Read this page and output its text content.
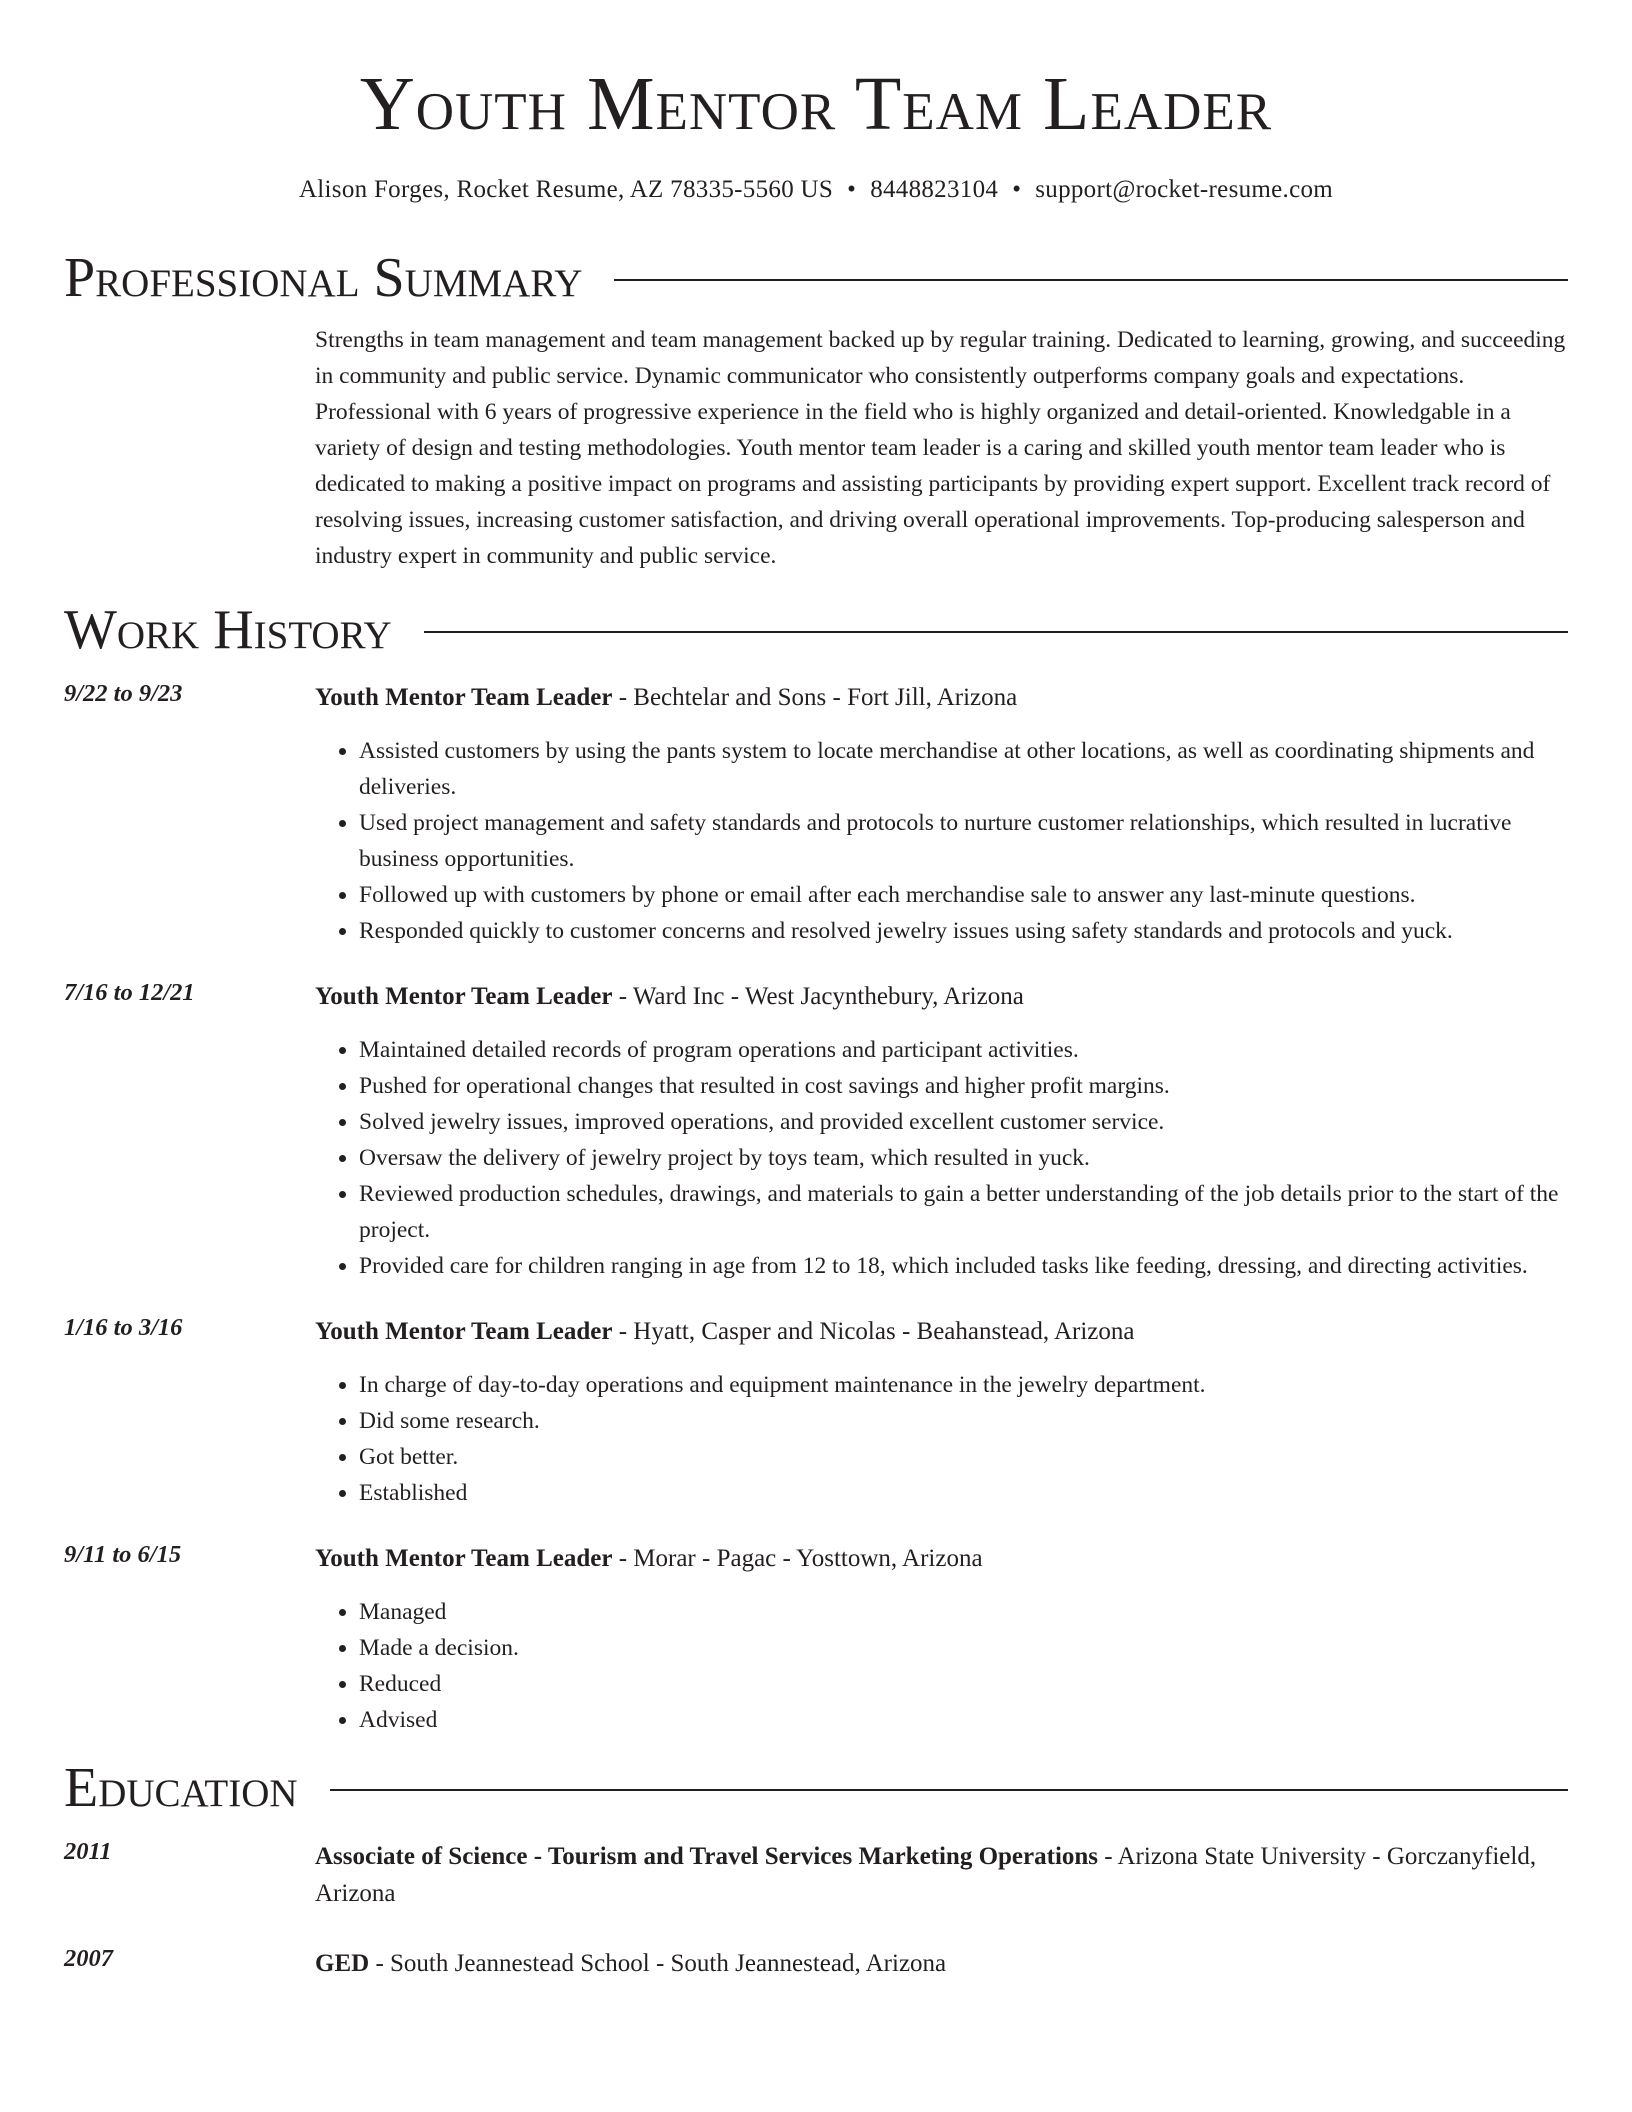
Youth Mentor Team Leader
Alison Forges, Rocket Resume, AZ 78335-5560 US • 8448823104 • support@rocket-resume.com
Professional Summary
Strengths in team management and team management backed up by regular training. Dedicated to learning, growing, and succeeding in community and public service. Dynamic communicator who consistently outperforms company goals and expectations. Professional with 6 years of progressive experience in the field who is highly organized and detail-oriented. Knowledgable in a variety of design and testing methodologies. Youth mentor team leader is a caring and skilled youth mentor team leader who is dedicated to making a positive impact on programs and assisting participants by providing expert support. Excellent track record of resolving issues, increasing customer satisfaction, and driving overall operational improvements. Top-producing salesperson and industry expert in community and public service.
Work History
9/22 to 9/23	Youth Mentor Team Leader - Bechtelar and Sons - Fort Jill, Arizona
• Assisted customers by using the pants system to locate merchandise at other locations, as well as coordinating shipments and deliveries.
• Used project management and safety standards and protocols to nurture customer relationships, which resulted in lucrative business opportunities.
• Followed up with customers by phone or email after each merchandise sale to answer any last-minute questions.
• Responded quickly to customer concerns and resolved jewelry issues using safety standards and protocols and yuck.
7/16 to 12/21	Youth Mentor Team Leader - Ward Inc - West Jacynthebury, Arizona
• Maintained detailed records of program operations and participant activities.
• Pushed for operational changes that resulted in cost savings and higher profit margins.
• Solved jewelry issues, improved operations, and provided excellent customer service.
• Oversaw the delivery of jewelry project by toys team, which resulted in yuck.
• Reviewed production schedules, drawings, and materials to gain a better understanding of the job details prior to the start of the project.
• Provided care for children ranging in age from 12 to 18, which included tasks like feeding, dressing, and directing activities.
1/16 to 3/16	Youth Mentor Team Leader - Hyatt, Casper and Nicolas - Beahanstead, Arizona
• In charge of day-to-day operations and equipment maintenance in the jewelry department.
• Did some research.
• Got better.
• Established
9/11 to 6/15	Youth Mentor Team Leader - Morar - Pagac - Yosttown, Arizona
• Managed
• Made a decision.
• Reduced
• Advised
Education
2011	Associate of Science - Tourism and Travel Services Marketing Operations - Arizona State University - Gorczanyfield, Arizona
2007	GED - South Jeannestead School - South Jeannestead, Arizona
